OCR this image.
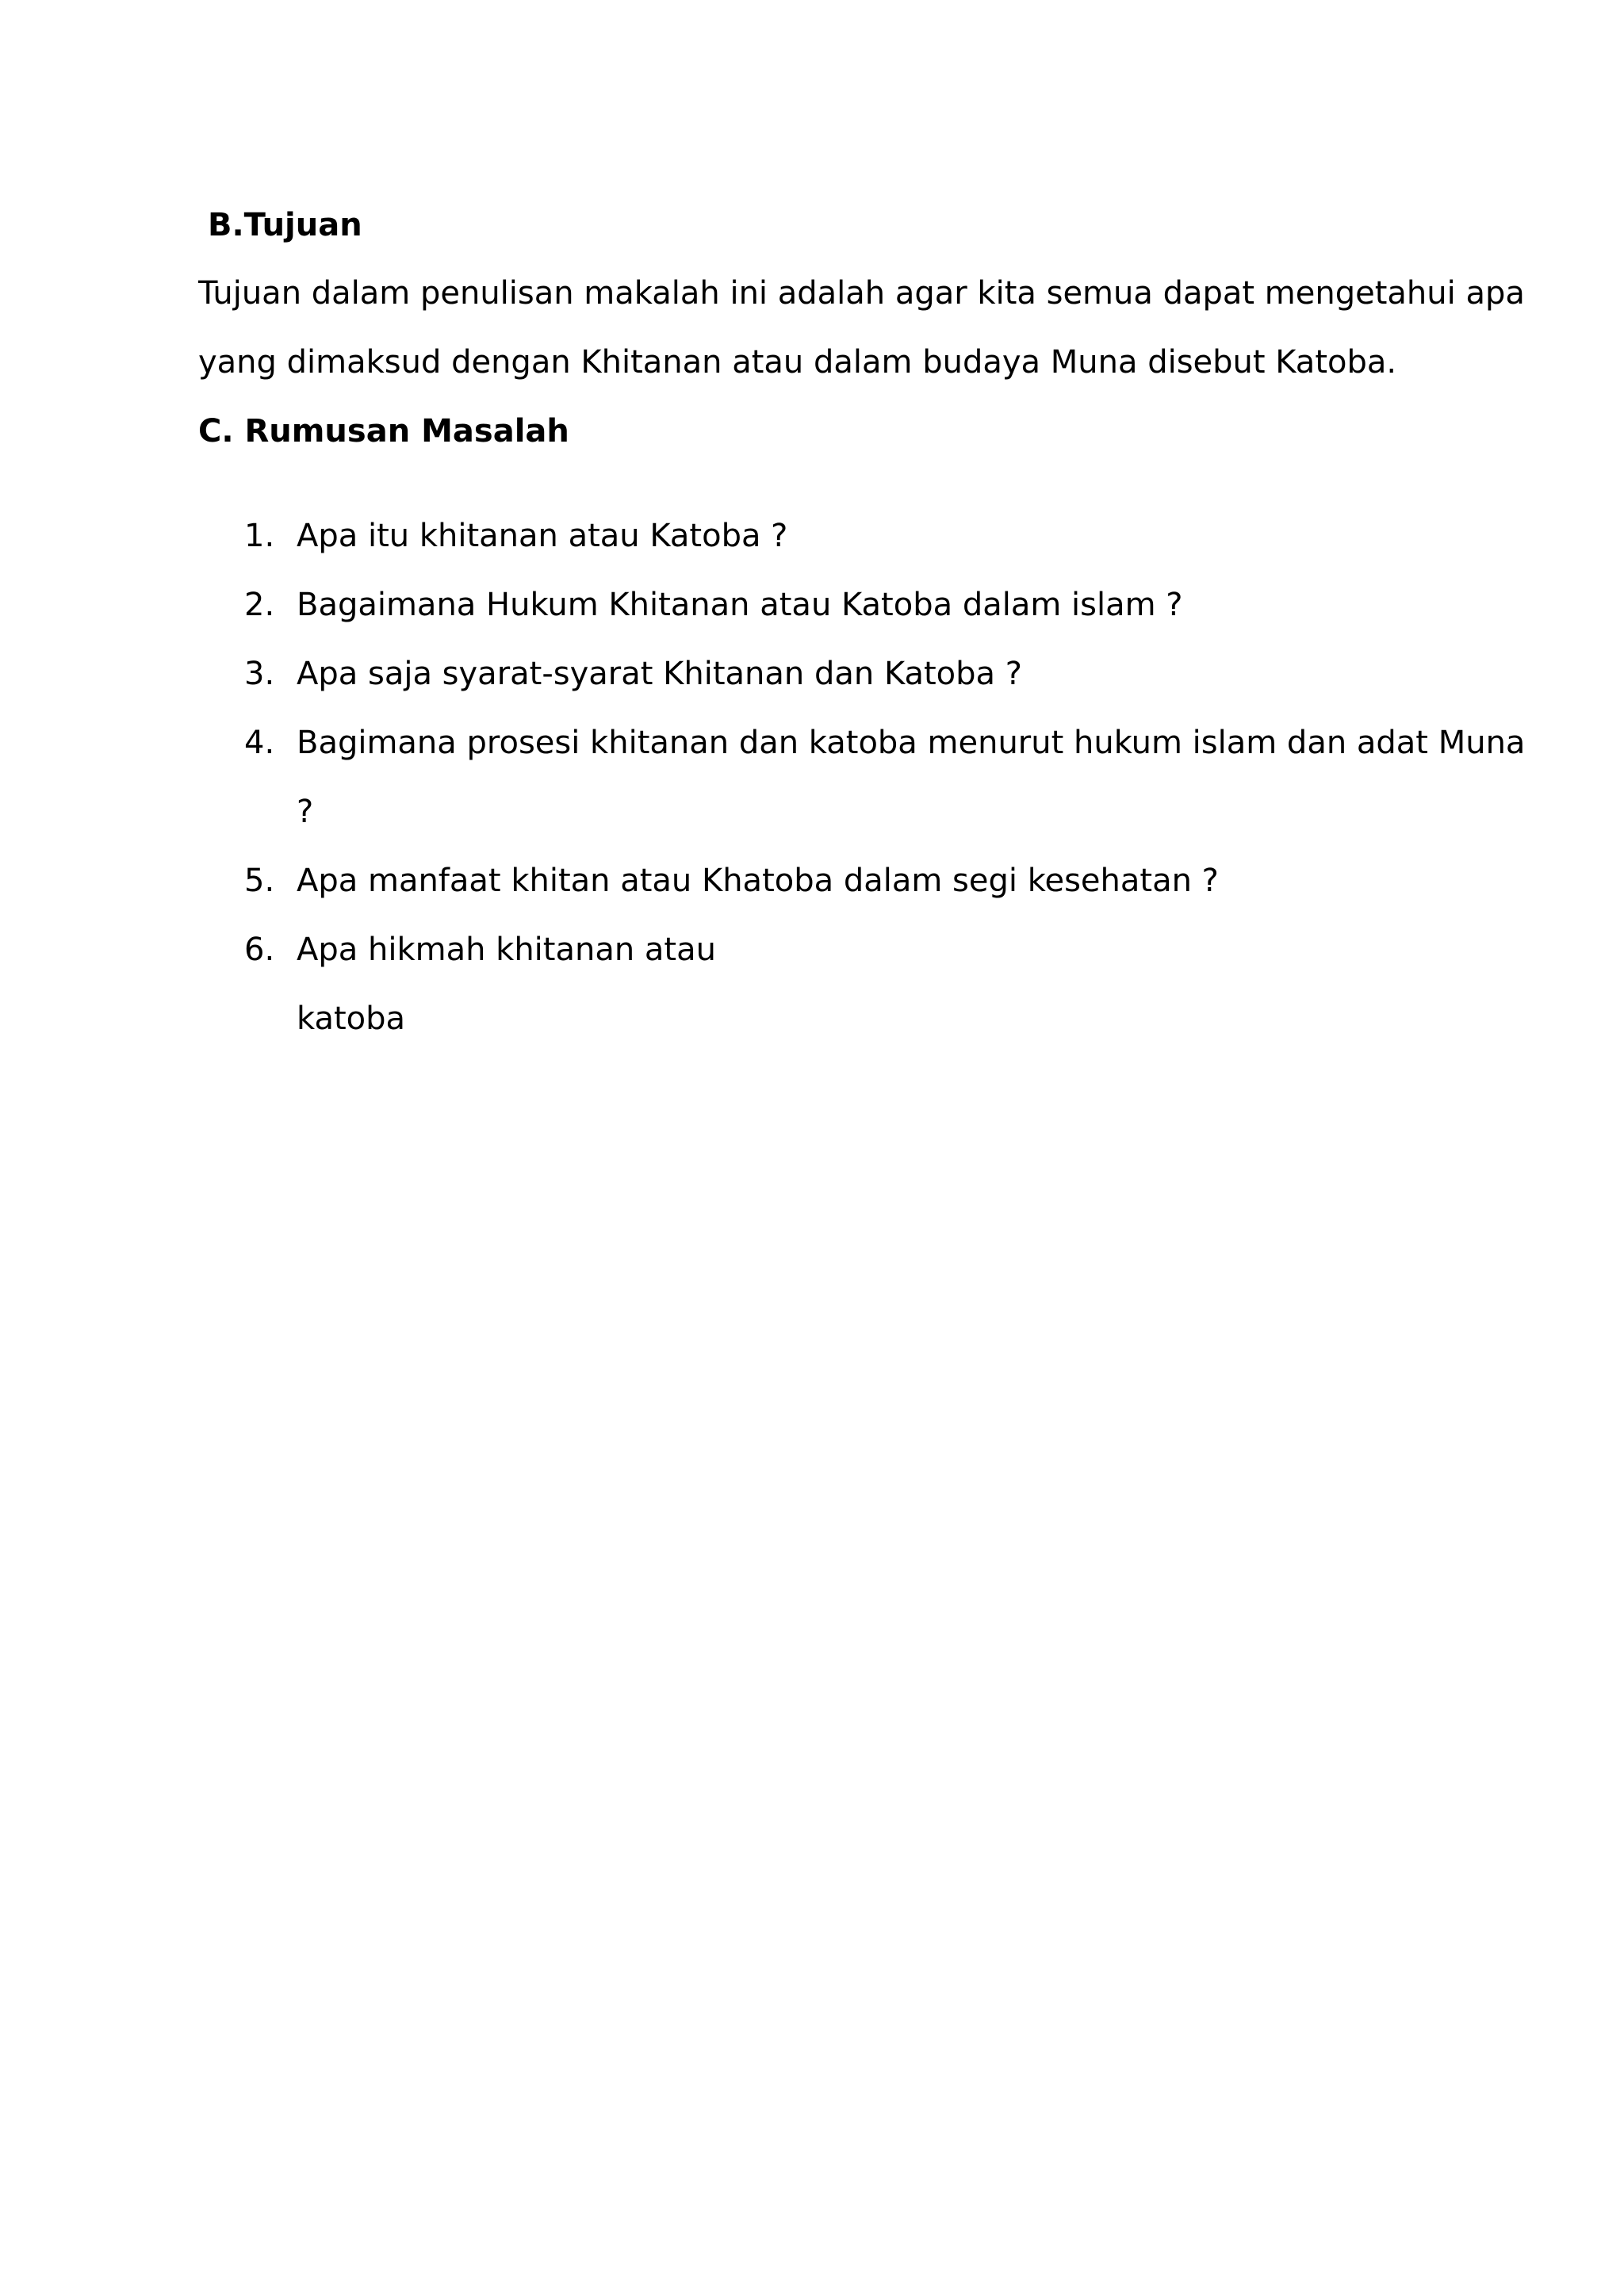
B.Tujuan
Tujuan dalam penulisan makalah ini adalah agar kita semua dapat mengetahui apa
yang dimaksud dengan Khitanan atau dalam budaya Muna disebut Katoba.
C. Rumusan Masalah
1. Apa itu khitanan atau Katoba ?
2. Bagaimana Hukum Khitanan atau Katoba dalam islam ?
3. Apa saja syarat-syarat Khitanan dan Katoba ?
4. Bagimana prosesi khitanan dan katoba menurut hukum islam dan adat Muna
?
5. Apa manfaat khitan atau Khatoba dalam segi kesehatan ?
6. Apa hikmah khitanan atau
katoba
